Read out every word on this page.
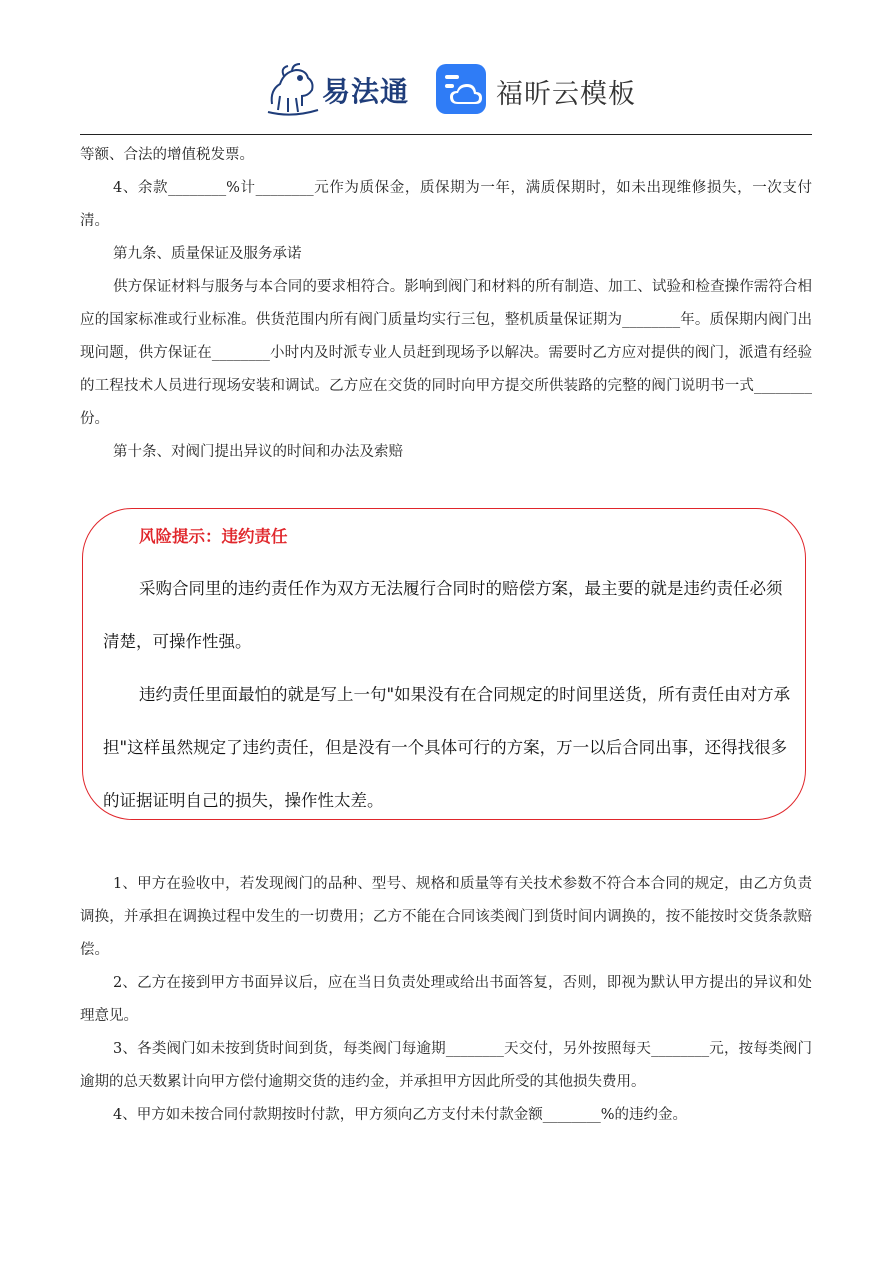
易法通	福昕云模板

等额、合法的增值税发票。

4、余款________%计________元作为质保金，质保期为一年，满质保期时，如未出现维修损失，一次支付清。

第九条、质量保证及服务承诺

供方保证材料与服务与本合同的要求相符合。影响到阀门和材料的所有制造、加工、试验和检查操作需符合相应的国家标准或行业标准。供货范围内所有阀门质量均实行三包，整机质量保证期为________年。质保期内阀门出现问题，供方保证在________小时内及时派专业人员赶到现场予以解决。需要时乙方应对提供的阀门，派遣有经验的工程技术人员进行现场安装和调试。乙方应在交货的同时向甲方提交所供装路的完整的阀门说明书一式________份。

第十条、对阀门提出异议的时间和办法及索赔

风险提示：违约责任

采购合同里的违约责任作为双方无法履行合同时的赔偿方案，最主要的就是违约责任必须清楚，可操作性强。

违约责任里面最怕的就是写上一句"如果没有在合同规定的时间里送货，所有责任由对方承担"这样虽然规定了违约责任，但是没有一个具体可行的方案，万一以后合同出事，还得找很多的证据证明自己的损失，操作性太差。

1、甲方在验收中，若发现阀门的品种、型号、规格和质量等有关技术参数不符合本合同的规定，由乙方负责调换，并承担在调换过程中发生的一切费用；乙方不能在合同该类阀门到货时间内调换的，按不能按时交货条款赔偿。

2、乙方在接到甲方书面异议后，应在当日负责处理或给出书面答复，否则，即视为默认甲方提出的异议和处理意见。

3、各类阀门如未按到货时间到货，每类阀门每逾期________天交付，另外按照每天________元，按每类阀门逾期的总天数累计向甲方偿付逾期交货的违约金，并承担甲方因此所受的其他损失费用。

4、甲方如未按合同付款期按时付款，甲方须向乙方支付未付款金额________%的违约金。
